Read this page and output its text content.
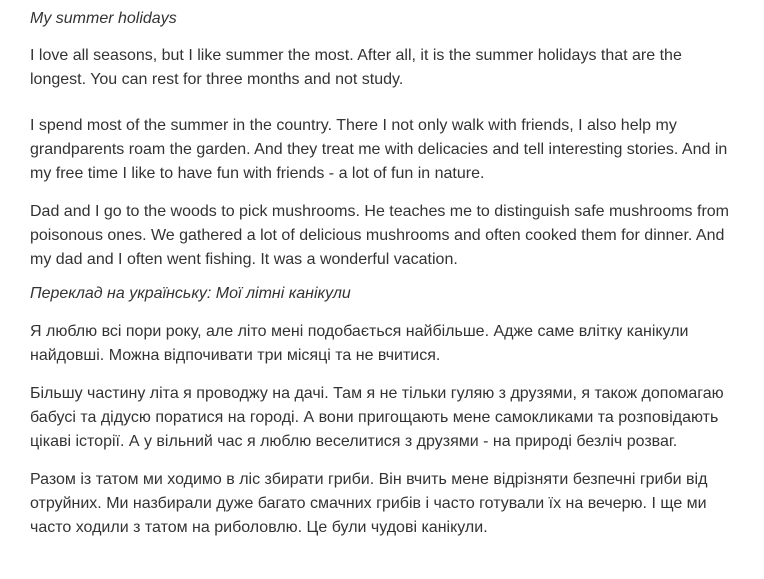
My summer holidays

I love all seasons, but I like summer the most. After all, it is the summer holidays that are the longest. You can rest for three months and not study.

I spend most of the summer in the country. There I not only walk with friends, I also help my grandparents roam the garden. And they treat me with delicacies and tell interesting stories. And in my free time I like to have fun with friends - a lot of fun in nature.

Dad and I go to the woods to pick mushrooms. He teaches me to distinguish safe mushrooms from poisonous ones. We gathered a lot of delicious mushrooms and often cooked them for dinner. And my dad and I often went fishing. It was a wonderful vacation.

Переклад на українську: Мої літні канікули

Я люблю всі пори року, але літо мені подобається найбільше. Адже саме влітку канікули найдовші. Можна відпочивати три місяці та не вчитися.

Більшу частину літа я проводжу на дачі. Там я не тільки гуляю з друзями, я також допомагаю бабусі та дідусю поратися на городі. А вони пригощають мене самокликами та розповідають цікаві історії. А у вільний час я люблю веселитися з друзями - на природі безліч розваг.

Разом із татом ми ходимо в ліс збирати гриби. Він вчить мене відрізняти безпечні гриби від отруйних. Ми назбирали дуже багато смачних грибів і часто готували їх на вечерю. І ще ми часто ходили з татом на риболовлю. Це були чудові канікули.
